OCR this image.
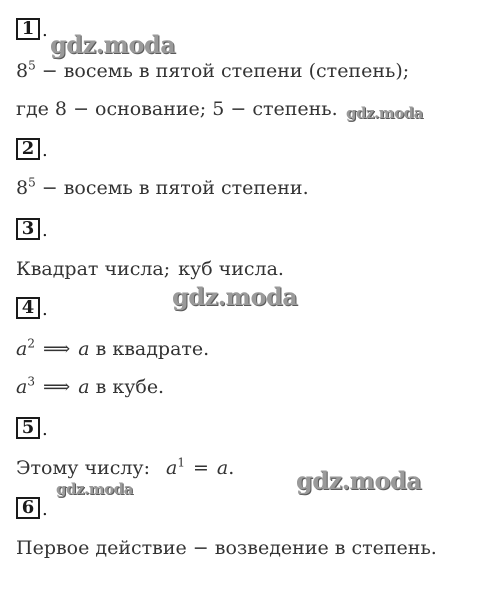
1 . gdz.moda
$8^5$ − восемь в пятой степени (степень);
где 8 − основание; 5 − степень. gdz.moda
2 .
$8^5$ − восемь в пятой степени.
3 .
Квадрат числа; куб числа.
gdz.moda
4 .
$a^2$ ⟹ a в квадрате.
$a^3$ ⟹ a в кубе.
5 .
Этому числу: $a^1 = a$.	gdz.moda
gdz.moda
6 .
Первое действие − возведение в степень.
